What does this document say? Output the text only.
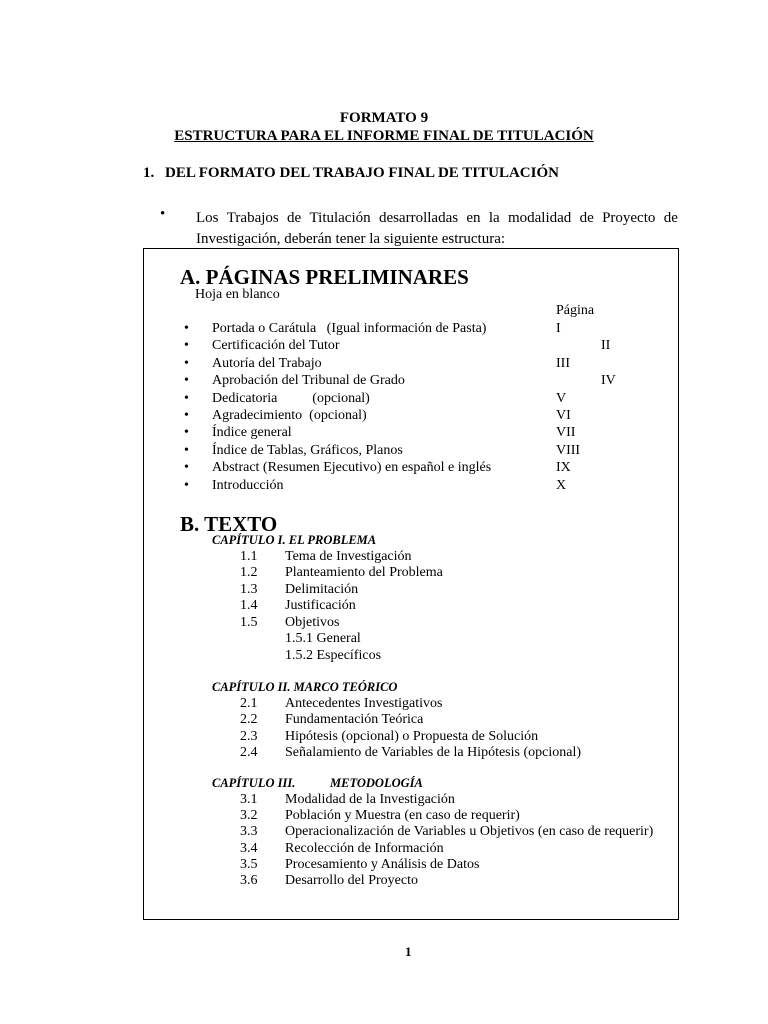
FORMATO 9
ESTRUCTURA PARA EL INFORME FINAL DE TITULACIÓN
1. DEL FORMATO DEL TRABAJO FINAL DE TITULACIÓN
• Los Trabajos de Titulación desarrolladas en la modalidad de Proyecto de
Investigación, deberán tener la siguiente estructura:
A. PÁGINAS PRELIMINARES
Hoja en blanco
Página
• Portada o Carátula   (Igual información de Pasta)	I
• Certificación del Tutor	II
• Autoría del Trabajo	III
• Aprobación del Tribunal de Grado	IV
• Dedicatoria          (opcional)	V
• Agradecimiento  (opcional)	VI
• Índice general	VII
• Índice de Tablas, Gráficos, Planos	VIII
• Abstract (Resumen Ejecutivo) en español e inglés	IX
• Introducción	X
B. TEXTO
CAPÍTULO I. EL PROBLEMA
1.1 Tema de Investigación
1.2 Planteamiento del Problema
1.3 Delimitación
1.4 Justificación
1.5 Objetivos
1.5.1 General
1.5.2 Específicos
CAPÍTULO II. MARCO TEÓRICO
2.1 Antecedentes Investigativos
2.2 Fundamentación Teórica
2.3 Hipótesis (opcional) o Propuesta de Solución
2.4 Señalamiento de Variables de la Hipótesis (opcional)
CAPÍTULO III.	METODOLOGÍA
3.1 Modalidad de la Investigación
3.2 Población y Muestra (en caso de requerir)
3.3 Operacionalización de Variables u Objetivos (en caso de requerir)
3.4 Recolección de Información
3.5 Procesamiento y Análisis de Datos
3.6 Desarrollo del Proyecto
1
